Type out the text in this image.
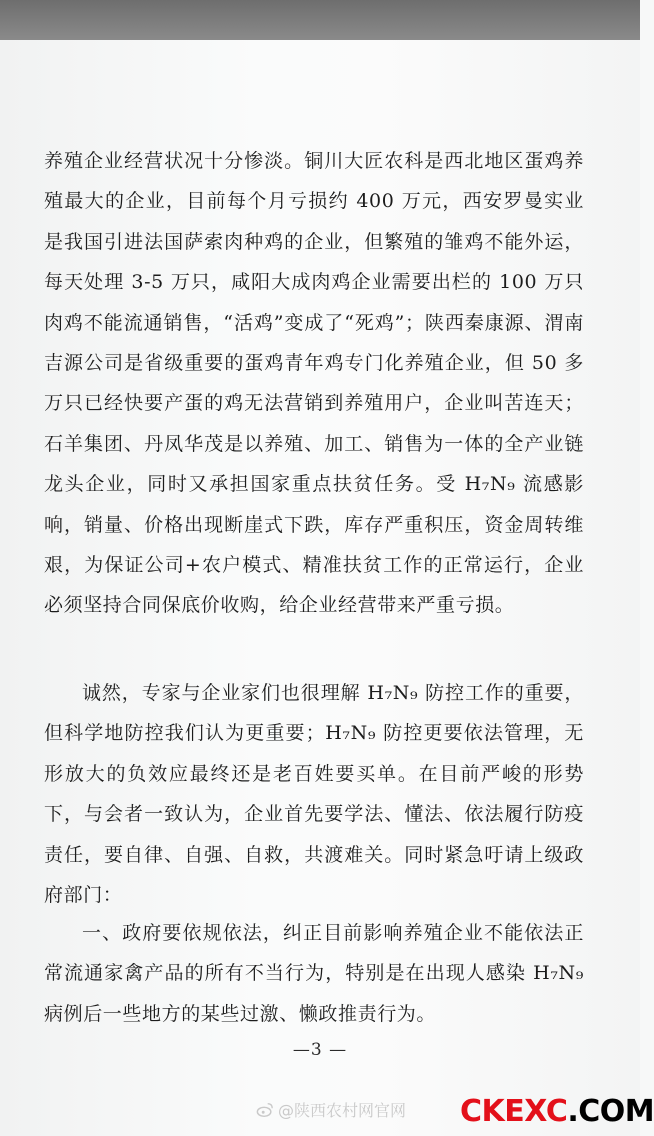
养殖企业经营状况十分惨淡。铜川大匠农科是西北地区蛋鸡养殖最大的企业，目前每个月亏损约 400 万元，西安罗曼实业是我国引进法国萨索肉种鸡的企业，但繁殖的雏鸡不能外运，每天处理 3-5 万只，咸阳大成肉鸡企业需要出栏的 100 万只肉鸡不能流通销售，“活鸡”变成了“死鸡”；陕西秦康源、渭南吉源公司是省级重要的蛋鸡青年鸡专门化养殖企业，但 50 多万只已经快要产蛋的鸡无法营销到养殖用户，企业叫苦连天；石羊集团、丹凤华茂是以养殖、加工、销售为一体的全产业链龙头企业，同时又承担国家重点扶贫任务。受 H₇N₉ 流感影响，销量、价格出现断崖式下跌，库存严重积压，资金周转维艰，为保证公司+农户模式、精准扶贫工作的正常运行，企业必须坚持合同保底价收购，给企业经营带来严重亏损。
诚然，专家与企业家们也很理解 H₇N₉ 防控工作的重要，但科学地防控我们认为更重要；H₇N₉ 防控更要依法管理，无形放大的负效应最终还是老百姓要买单。在目前严峻的形势下，与会者一致认为，企业首先要学法、懂法、依法履行防疫责任，要自律、自强、自救，共渡难关。同时紧急吁请上级政府部门：
一、政府要依规依法，纠正目前影响养殖企业不能依法正常流通家禽产品的所有不当行为，特别是在出现人感染 H₇N₉ 病例后一些地方的某些过激、懒政推责行为。
—3 —
@陕西农村网官网 CKEXC.COM
